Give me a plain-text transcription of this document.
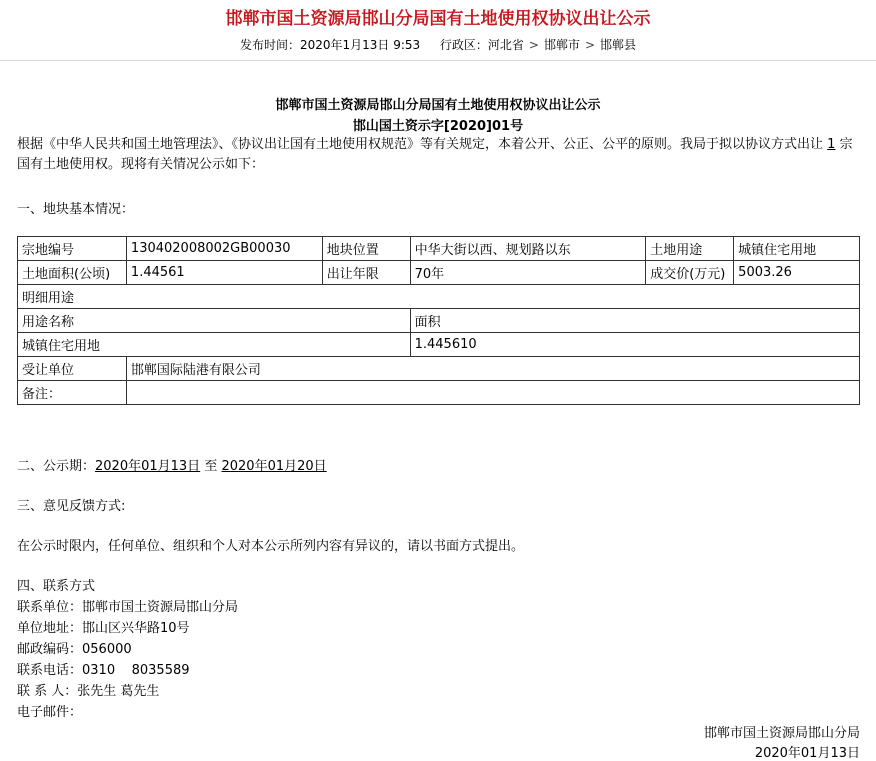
邯郸市国土资源局邯山分局国有土地使用权协议出让公示
发布时间：2020年1月13日 9:53 行政区：河北省 > 邯郸市 > 邯郸县
邯郸市国土资源局邯山分局国有土地使用权协议出让公示
邯山国土资示字[2020]01号
根据《中华人民共和国土地管理法》、《协议出让国有土地使用权规范》等有关规定，本着公开、公正、公平的原则。我局于拟以协议方式出让 1 宗国有土地使用权。现将有关情况公示如下：
一、地块基本情况：
宗地编号	130402008002GB00030	地块位置	中华大街以西、规划路以东	土地用途	城镇住宅用地
土地面积(公顷)	1.44561	出让年限	70年	成交价(万元)	5003.26
明细用途					
用途名称			面积		
城镇住宅用地			1.445610		
受让单位	邯郸国际陆港有限公司				
备注：					
二、公示期：2020年01月13日 至 2020年01月20日
三、意见反馈方式:
在公示时限内，任何单位、组织和个人对本公示所列内容有异议的，请以书面方式提出。
四、联系方式
联系单位：邯郸市国土资源局邯山分局
单位地址：邯山区兴华路10号
邮政编码：056000
联系电话：0310    8035589
联 系 人：张先生 葛先生
电子邮件：
邯郸市国土资源局邯山分局
2020年01月13日
